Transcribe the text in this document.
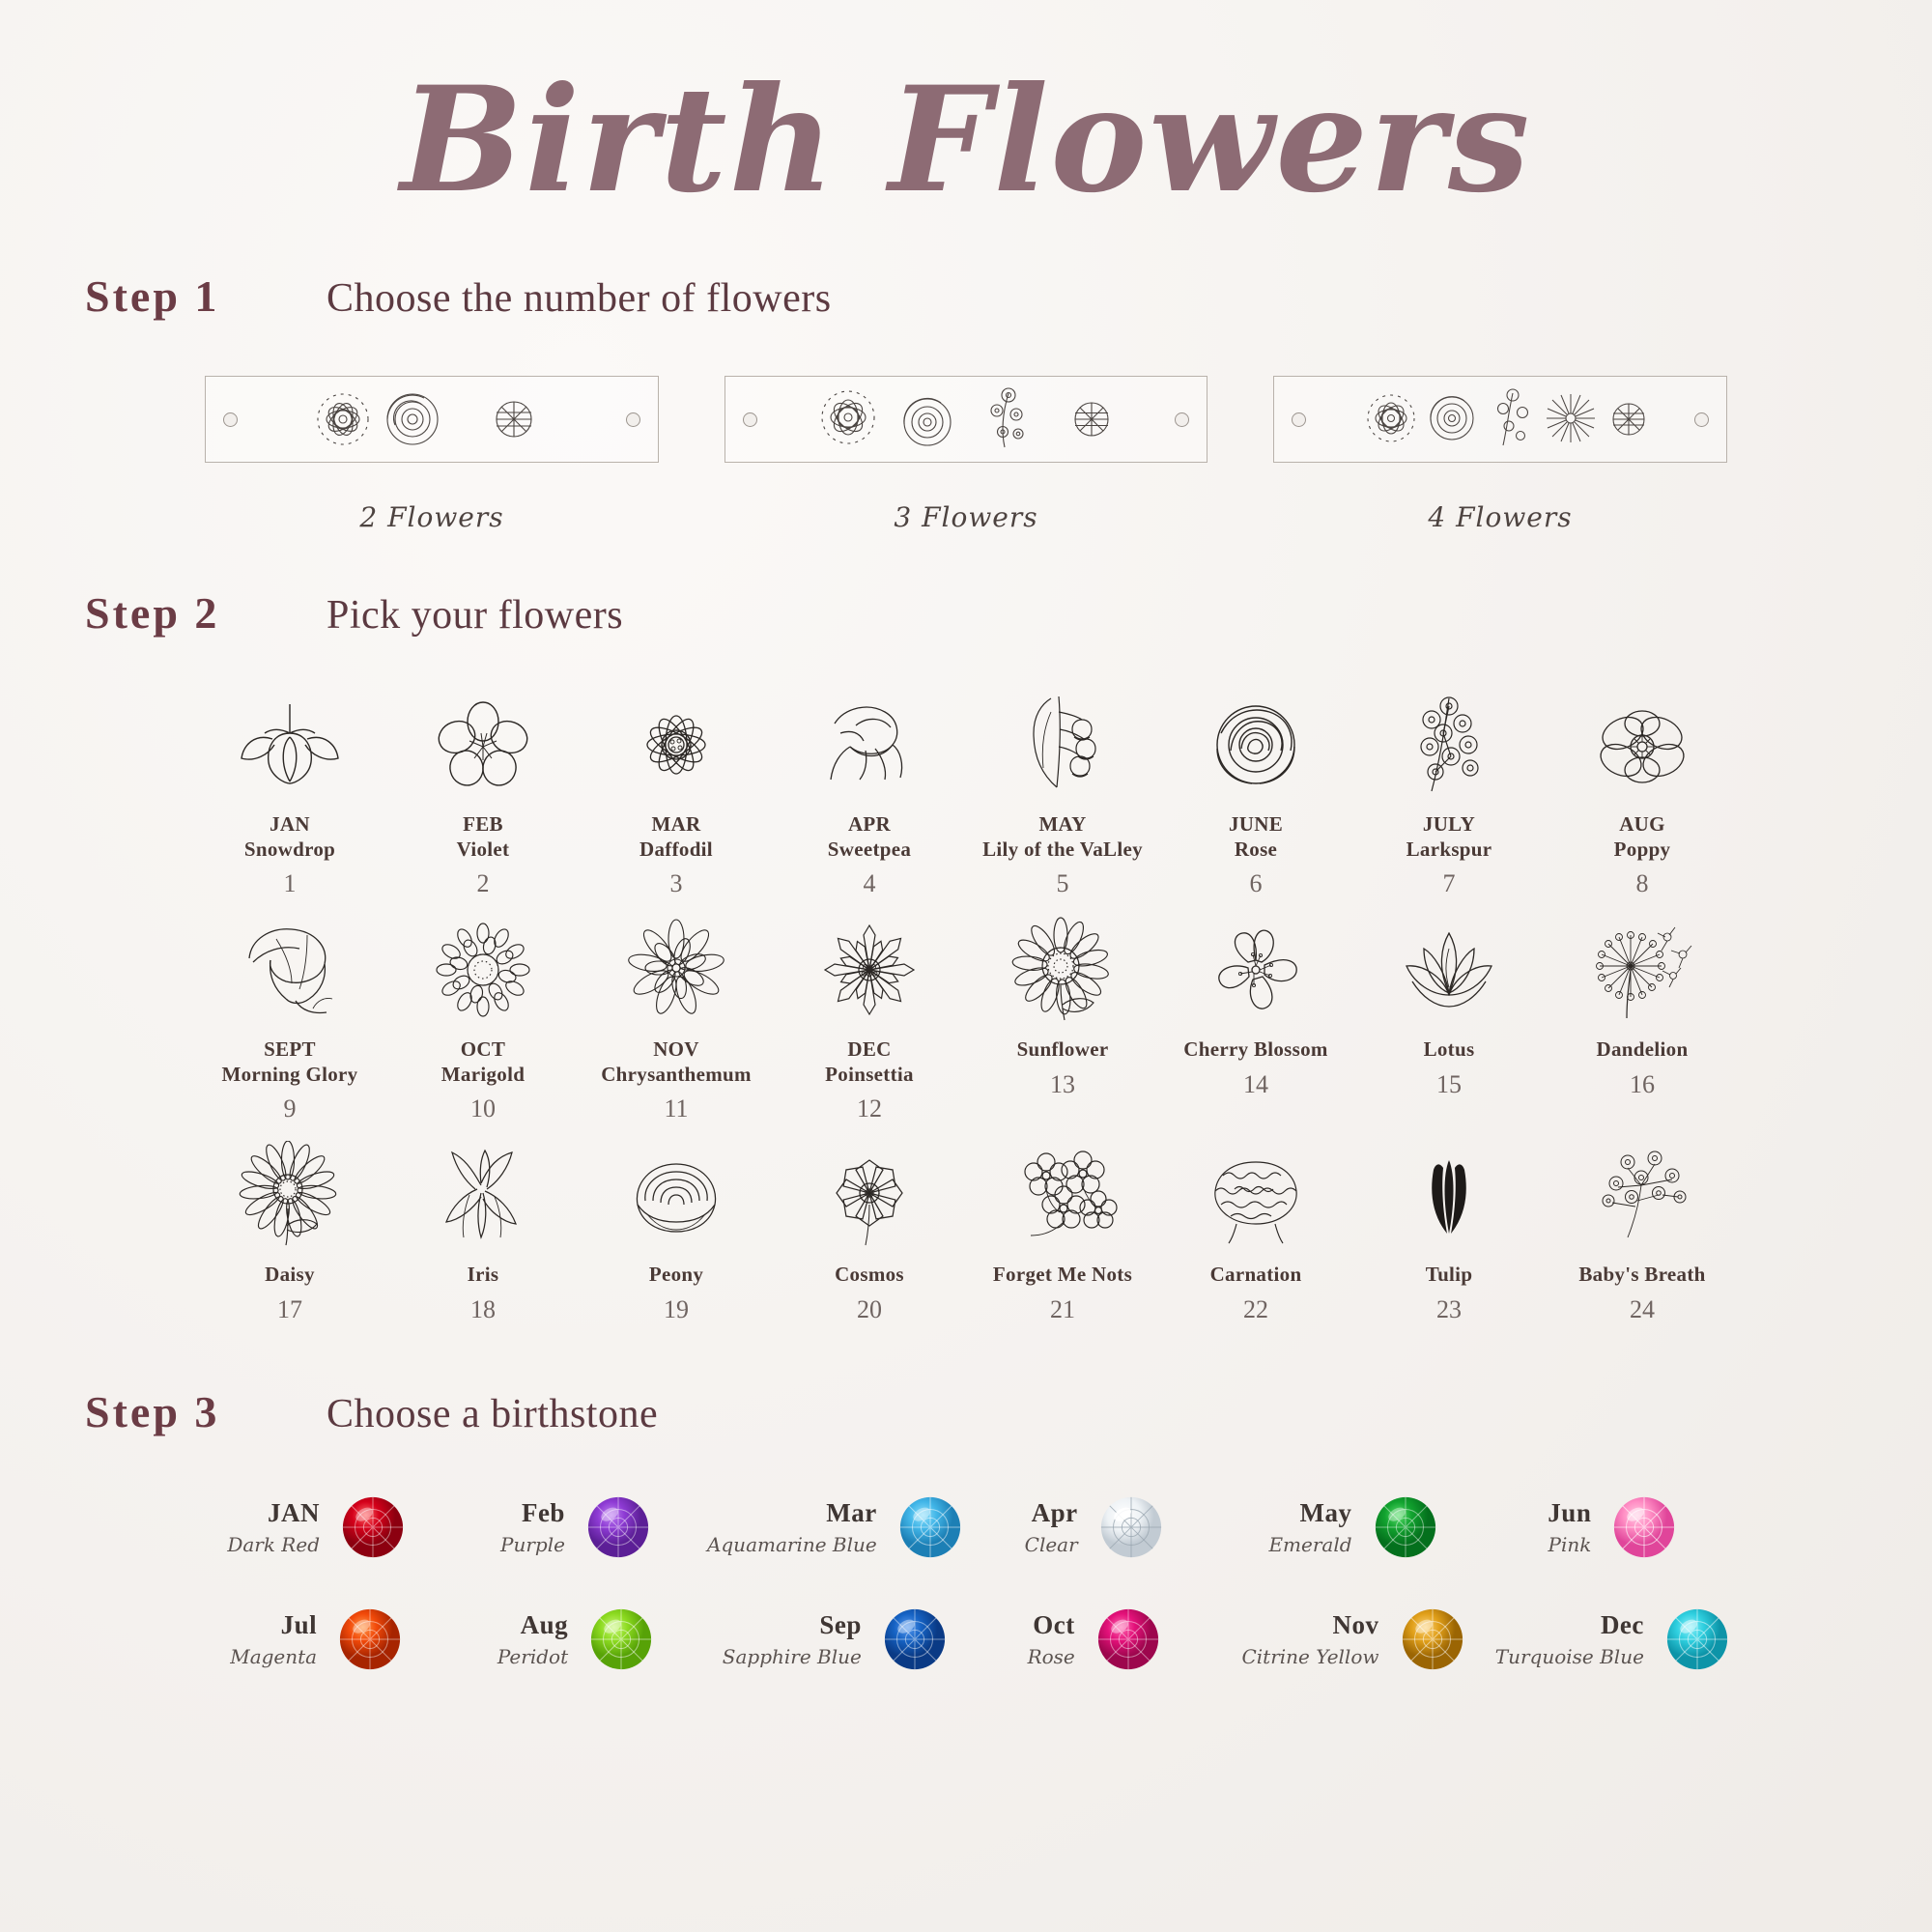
Birth Flowers
Step 1	Choose the number of flowers
2 Flowers	3 Flowers	4 Flowers
Step 2	Pick your flowers
JAN
Snowdrop
1
FEB
Violet
2
MAR
Daffodil
3
APR
Sweetpea
4
MAY
Lily of the VaLley
5
JUNE
Rose
6
JULY
Larkspur
7
AUG
Poppy
8
SEPT
Morning Glory
9
OCT
Marigold
10
NOV
Chrysanthemum
11
DEC
Poinsettia
12
Sunflower
13
Cherry Blossom
14
Lotus
15
Dandelion
16
Daisy
17
Iris
18
Peony
19
Cosmos
20
Forget Me Nots
21
Carnation
22
Tulip
23
Baby's Breath
24
Step 3	Choose a birthstone
JAN
Dark Red
Feb
Purple
Mar
Aquamarine Blue
Apr
Clear
May
Emerald
Jun
Pink
Jul
Magenta
Aug
Peridot
Sep
Sapphire Blue
Oct
Rose
Nov
Citrine Yellow
Dec
Turquoise Blue
